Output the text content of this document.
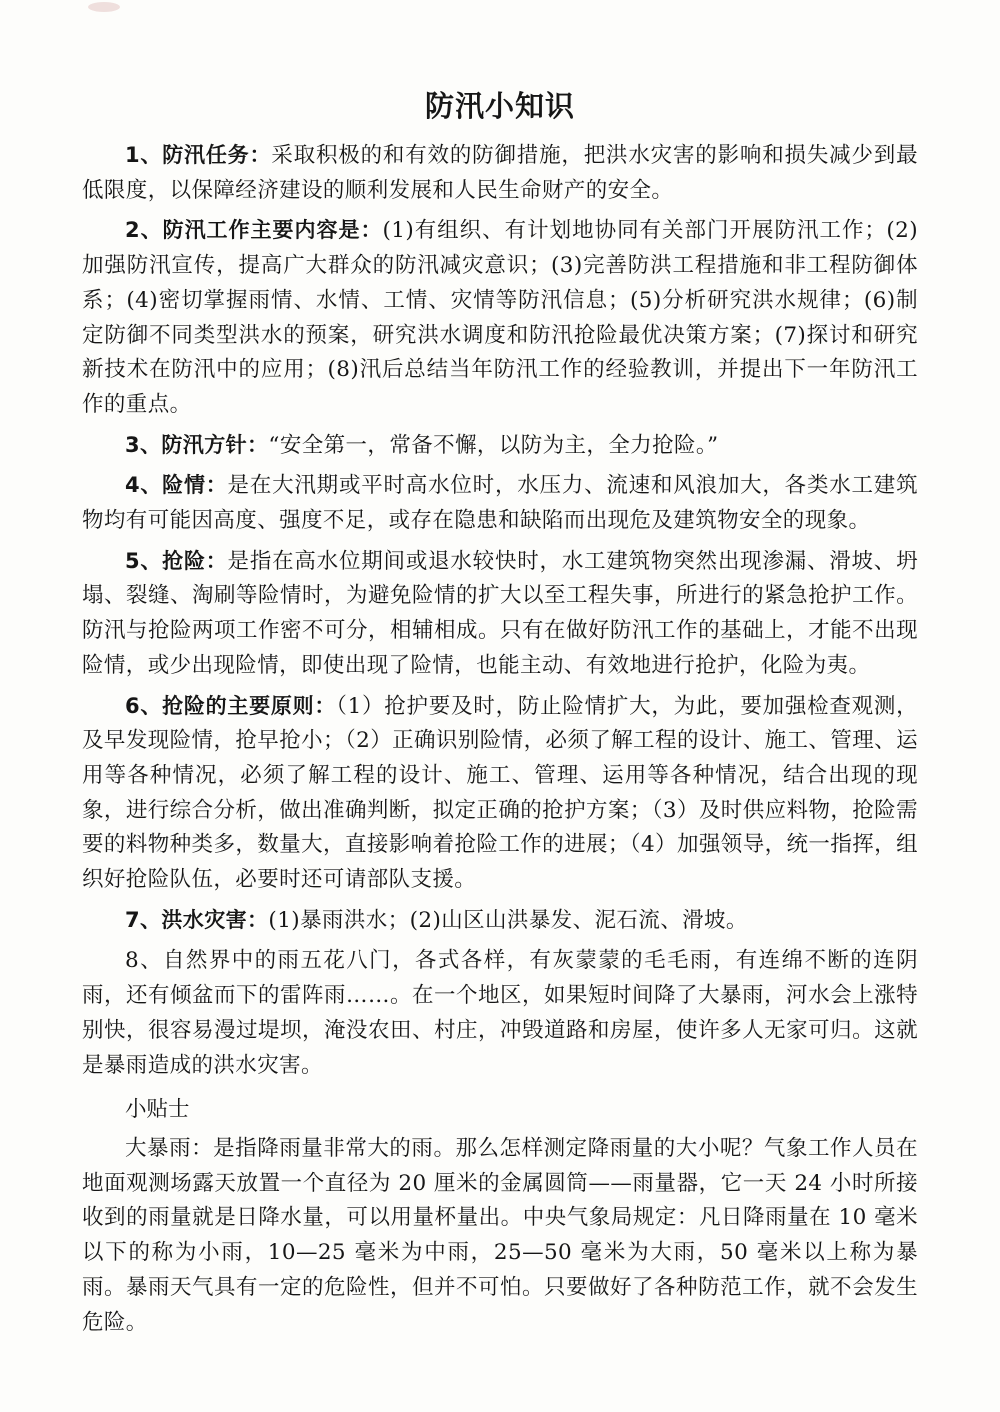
防汛小知识

1、防汛任务：采取积极的和有效的防御措施，把洪水灾害的影响和损失减少到最低限度，以保障经济建设的顺利发展和人民生命财产的安全。

2、防汛工作主要内容是：(1)有组织、有计划地协同有关部门开展防汛工作；(2)加强防汛宣传，提高广大群众的防汛减灾意识；(3)完善防洪工程措施和非工程防御体系；(4)密切掌握雨情、水情、工情、灾情等防汛信息；(5)分析研究洪水规律；(6)制定防御不同类型洪水的预案，研究洪水调度和防汛抢险最优决策方案；(7)探讨和研究新技术在防汛中的应用；(8)汛后总结当年防汛工作的经验教训，并提出下一年防汛工作的重点。

3、防汛方针：“安全第一，常备不懈，以防为主，全力抢险。”

4、险情：是在大汛期或平时高水位时，水压力、流速和风浪加大，各类水工建筑物均有可能因高度、强度不足，或存在隐患和缺陷而出现危及建筑物安全的现象。

5、抢险：是指在高水位期间或退水较快时，水工建筑物突然出现渗漏、滑坡、坍塌、裂缝、淘刷等险情时，为避免险情的扩大以至工程失事，所进行的紧急抢护工作。防汛与抢险两项工作密不可分，相辅相成。只有在做好防汛工作的基础上，才能不出现险情，或少出现险情，即使出现了险情，也能主动、有效地进行抢护，化险为夷。

6、抢险的主要原则：（1）抢护要及时，防止险情扩大，为此，要加强检查观测，及早发现险情，抢早抢小；（2）正确识别险情，必须了解工程的设计、施工、管理、运用等各种情况，必须了解工程的设计、施工、管理、运用等各种情况，结合出现的现象，进行综合分析，做出准确判断，拟定正确的抢护方案；（3）及时供应料物，抢险需要的料物种类多，数量大，直接影响着抢险工作的进展；（4）加强领导，统一指挥，组织好抢险队伍，必要时还可请部队支援。

7、洪水灾害：(1)暴雨洪水；(2)山区山洪暴发、泥石流、滑坡。

8、自然界中的雨五花八门，各式各样，有灰蒙蒙的毛毛雨，有连绵不断的连阴雨，还有倾盆而下的雷阵雨……。在一个地区，如果短时间降了大暴雨，河水会上涨特别快，很容易漫过堤坝，淹没农田、村庄，冲毁道路和房屋，使许多人无家可归。这就是暴雨造成的洪水灾害。

小贴士

大暴雨：是指降雨量非常大的雨。那么怎样测定降雨量的大小呢？气象工作人员在地面观测场露天放置一个直径为 20 厘米的金属圆筒——雨量器，它一天 24 小时所接收到的雨量就是日降水量，可以用量杯量出。中央气象局规定：凡日降雨量在 10 毫米以下的称为小雨，10—25 毫米为中雨，25—50 毫米为大雨，50 毫米以上称为暴雨。暴雨天气具有一定的危险性，但并不可怕。只要做好了各种防范工作，就不会发生危险。
